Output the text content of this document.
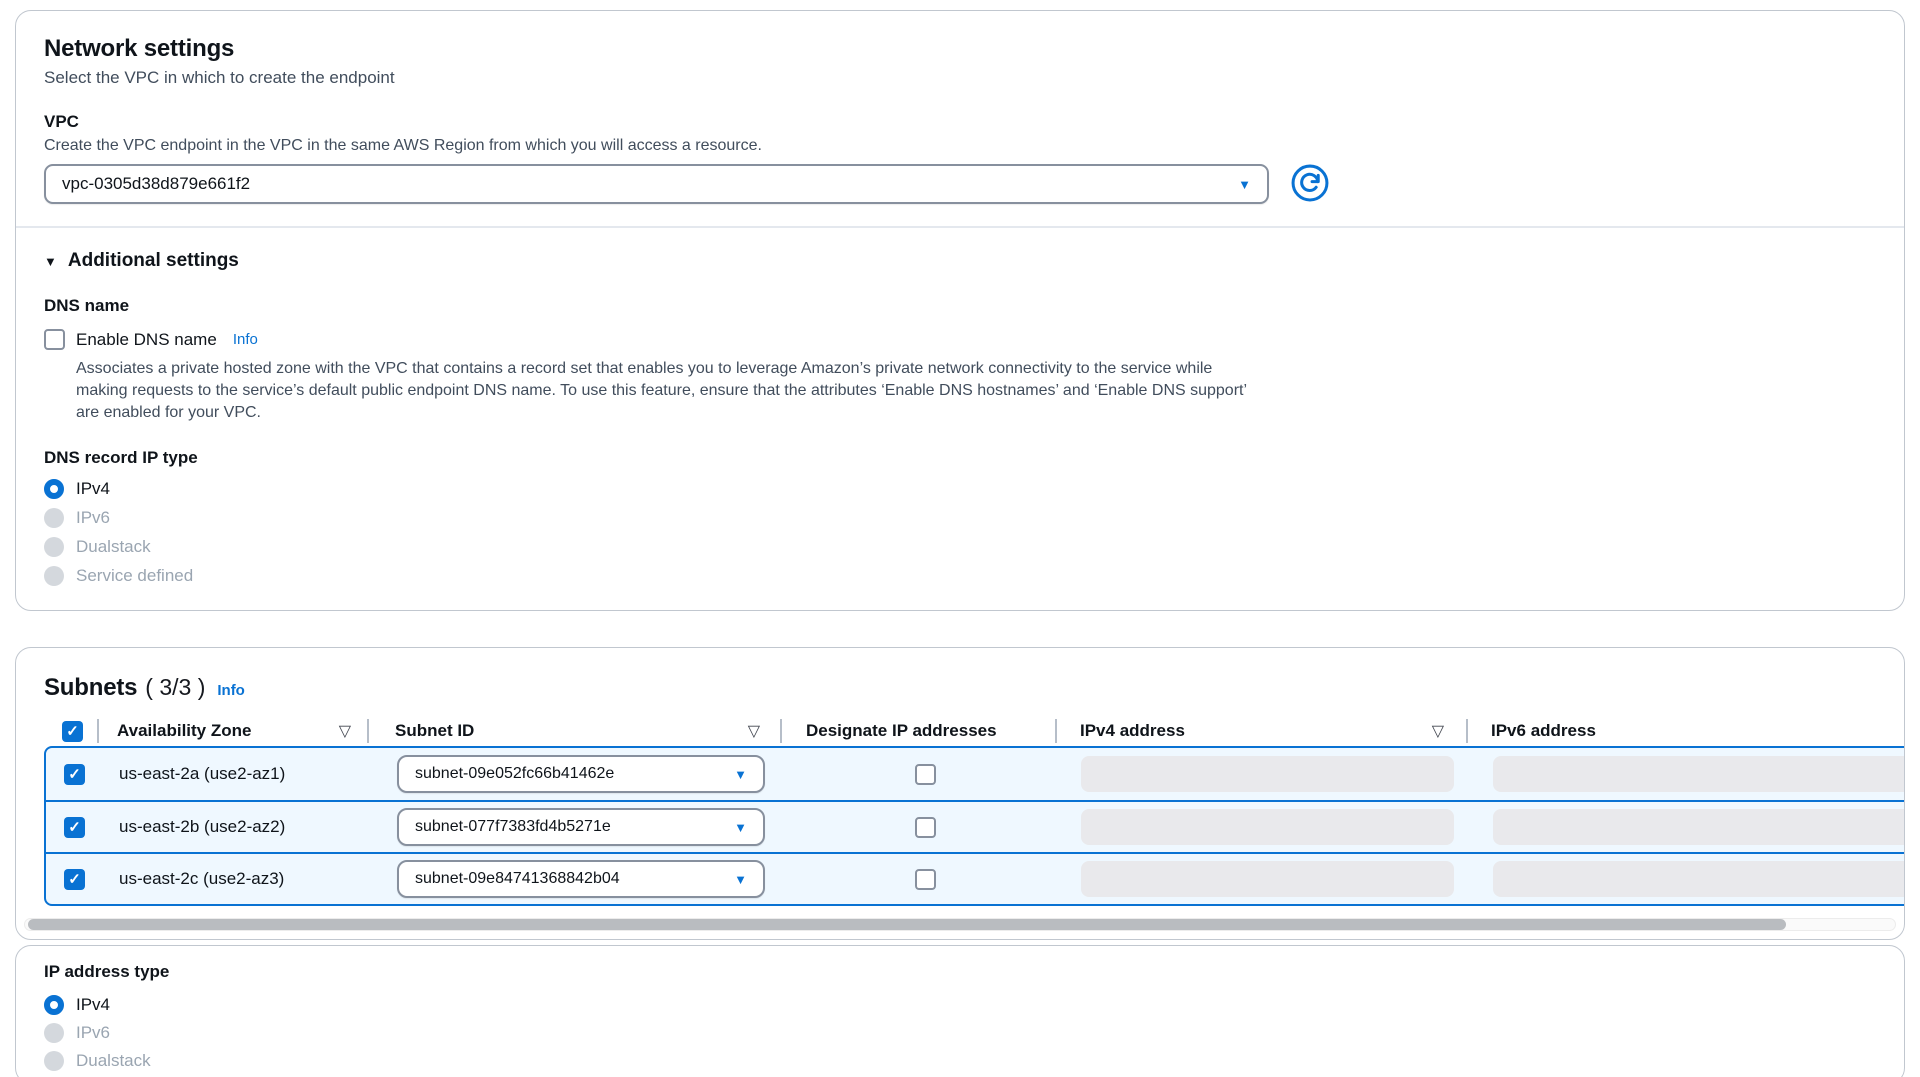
Network settings

Select the VPC in which to create the endpoint

VPC

Create the VPC endpoint in the VPC in the same AWS Region from which you will access a resource.

vpc-0305d38d879e661f2	▼
▼ Additional settings
DNS name
Enable DNS name Info

Associates a private hosted zone with the VPC that contains a record set that enables you to leverage Amazon’s private network connectivity to the service while making requests to the service’s default public endpoint DNS name. To use this feature, ensure that the attributes ‘Enable DNS hostnames’ and ‘Enable DNS support’ are enabled for your VPC.

DNS record IP type
IPv4
IPv6
Dualstack
Service defined
Subnets ( 3/3 ) Info
✓ Availability Zone	▽	Subnet ID	▽	Designate IP addresses	IPv4 address	▽	IPv6 address
✓	us-east-2a (use2-az1)	subnet-09e052fc66b41462e	▼
✓	us-east-2b (use2-az2)	subnet-077f7383fd4b5271e	▼
✓	us-east-2c (use2-az3)	subnet-09e84741368842b04	▼
IP address type
IPv4
IPv6
Dualstack
